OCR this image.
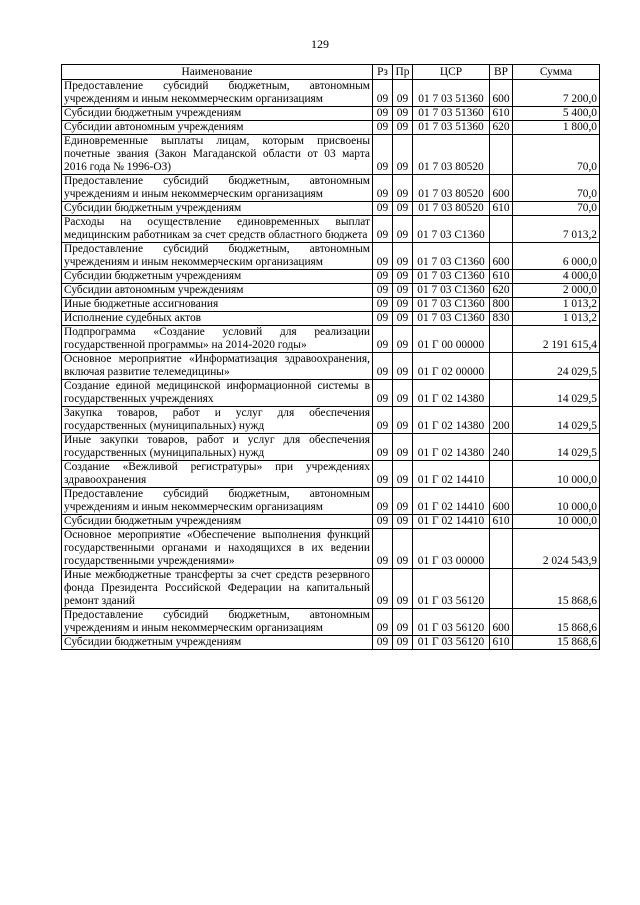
129
Наименование	Рз	Пр	ЦСР	ВР	Сумма
Предоставление субсидий бюджетным, автономным учреждениям и иным некоммерческим организациям	09	09	01 7 03 51360	600	7 200,0
Субсидии бюджетным учреждениям	09	09	01 7 03 51360	610	5 400,0
Субсидии автономным учреждениям	09	09	01 7 03 51360	620	1 800,0
Единовременные выплаты лицам, которым присвоены почетные звания (Закон Магаданской области от 03 марта 2016 года № 1996-ОЗ)	09	09	01 7 03 80520		70,0
Предоставление субсидий бюджетным, автономным учреждениям и иным некоммерческим организациям	09	09	01 7 03 80520	600	70,0
Субсидии бюджетным учреждениям	09	09	01 7 03 80520	610	70,0
Расходы на осуществление единовременных выплат медицинским работникам за счет средств областного бюджета	09	09	01 7 03 С1360		7 013,2
Предоставление субсидий бюджетным, автономным учреждениям и иным некоммерческим организациям	09	09	01 7 03 С1360	600	6 000,0
Субсидии бюджетным учреждениям	09	09	01 7 03 С1360	610	4 000,0
Субсидии автономным учреждениям	09	09	01 7 03 С1360	620	2 000,0
Иные бюджетные ассигнования	09	09	01 7 03 С1360	800	1 013,2
Исполнение судебных актов	09	09	01 7 03 С1360	830	1 013,2
Подпрограмма «Создание условий для реализации государственной программы» на 2014-2020 годы»	09	09	01 Г 00 00000		2 191 615,4
Основное мероприятие «Информатизация здравоохранения, включая развитие телемедицины»	09	09	01 Г 02 00000		24 029,5
Создание единой медицинской информационной системы в государственных учреждениях	09	09	01 Г 02 14380		14 029,5
Закупка товаров, работ и услуг для обеспечения государственных (муниципальных) нужд	09	09	01 Г 02 14380	200	14 029,5
Иные закупки товаров, работ и услуг для обеспечения государственных (муниципальных) нужд	09	09	01 Г 02 14380	240	14 029,5
Создание «Вежливой регистратуры» при учреждениях здравоохранения	09	09	01 Г 02 14410		10 000,0
Предоставление субсидий бюджетным, автономным учреждениям и иным некоммерческим организациям	09	09	01 Г 02 14410	600	10 000,0
Субсидии бюджетным учреждениям	09	09	01 Г 02 14410	610	10 000,0
Основное мероприятие «Обеспечение выполнения функций государственными органами и находящихся в их ведении государственными учреждениями»	09	09	01 Г 03 00000		2 024 543,9
Иные межбюджетные трансферты за счет средств резервного фонда Президента Российской Федерации на капитальный ремонт зданий	09	09	01 Г 03 56120		15 868,6
Предоставление субсидий бюджетным, автономным учреждениям и иным некоммерческим организациям	09	09	01 Г 03 56120	600	15 868,6
Субсидии бюджетным учреждениям	09	09	01 Г 03 56120	610	15 868,6
